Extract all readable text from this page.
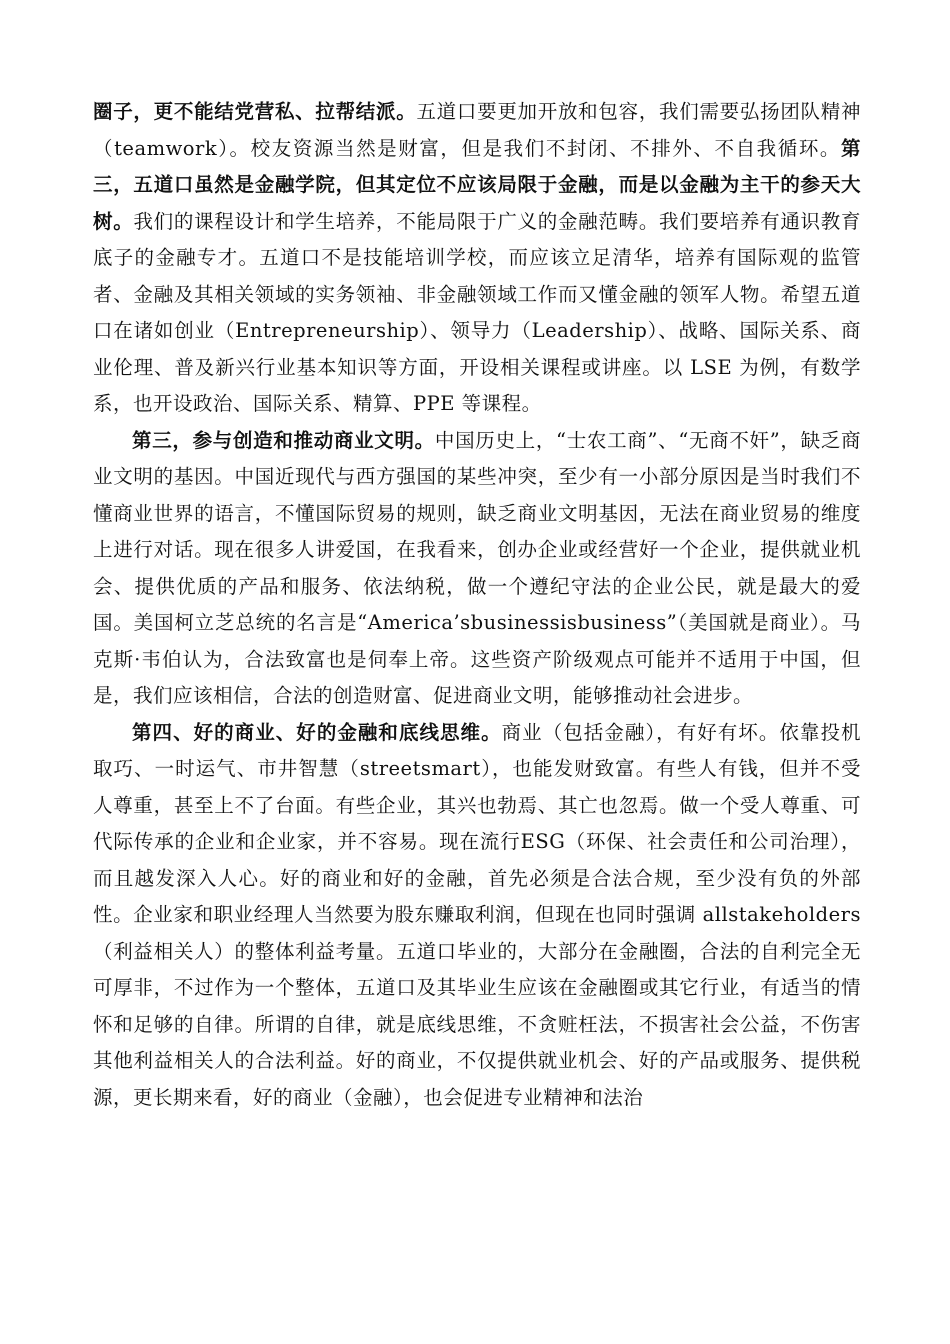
圈子，更不能结党营私、拉帮结派。五道口要更加开放和包容，我们需要弘扬团队精神（teamwork）。校友资源当然是财富，但是我们不封闭、不排外、不自我循环。第三，五道口虽然是金融学院，但其定位不应该局限于金融，而是以金融为主干的参天大树。我们的课程设计和学生培养，不能局限于广义的金融范畴。我们要培养有通识教育底子的金融专才。五道口不是技能培训学校，而应该立足清华，培养有国际观的监管者、金融及其相关领域的实务领袖、非金融领域工作而又懂金融的领军人物。希望五道口在诸如创业（Entrepreneurship）、领导力（Leadership）、战略、国际关系、商业伦理、普及新兴行业基本知识等方面，开设相关课程或讲座。以 LSE 为例，有数学系，也开设政治、国际关系、精算、PPE 等课程。

第三，参与创造和推动商业文明。中国历史上，“士农工商”、“无商不奸”，缺乏商业文明的基因。中国近现代与西方强国的某些冲突，至少有一小部分原因是当时我们不懂商业世界的语言，不懂国际贸易的规则，缺乏商业文明基因，无法在商业贸易的维度上进行对话。现在很多人讲爱国，在我看来，创办企业或经营好一个企业，提供就业机会、提供优质的产品和服务、依法纳税，做一个遵纪守法的企业公民，就是最大的爱国。美国柯立芝总统的名言是“America’sbusinessisbusiness”（美国就是商业）。马克斯·韦伯认为，合法致富也是伺奉上帝。这些资产阶级观点可能并不适用于中国，但是，我们应该相信，合法的创造财富、促进商业文明，能够推动社会进步。

第四、好的商业、好的金融和底线思维。商业（包括金融），有好有坏。依靠投机取巧、一时运气、市井智慧（streetsmart），也能发财致富。有些人有钱，但并不受人尊重，甚至上不了台面。有些企业，其兴也勃焉、其亡也忽焉。做一个受人尊重、可代际传承的企业和企业家，并不容易。现在流行ESG（环保、社会责任和公司治理），而且越发深入人心。好的商业和好的金融，首先必须是合法合规，至少没有负的外部性。企业家和职业经理人当然要为股东赚取利润，但现在也同时强调 allstakeholders（利益相关人）的整体利益考量。五道口毕业的，大部分在金融圈，合法的自利完全无可厚非，不过作为一个整体，五道口及其毕业生应该在金融圈或其它行业，有适当的情怀和足够的自律。所谓的自律，就是底线思维，不贪赃枉法，不损害社会公益，不伤害其他利益相关人的合法利益。好的商业，不仅提供就业机会、好的产品或服务、提供税源，更长期来看，好的商业（金融），也会促进专业精神和法治
